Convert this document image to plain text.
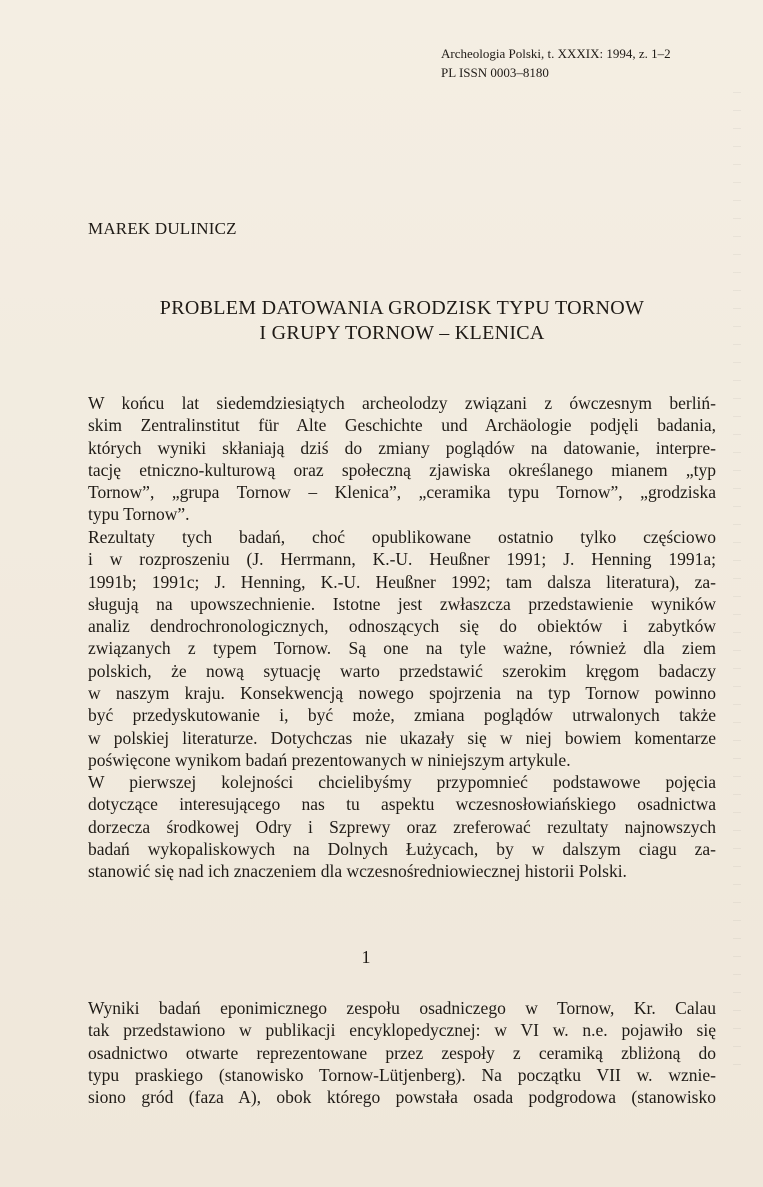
Archeologia Polski, t. XXXIX: 1994, z. 1–2
PL ISSN 0003–8180
MAREK DULINICZ
PROBLEM DATOWANIA GRODZISK TYPU TORNOW
I GRUPY TORNOW – KLENICA
W końcu lat siedemdziesiątych archeolodzy związani z ówczesnym berliń-
skim Zentralinstitut für Alte Geschichte und Archäologie podjęli badania,
których wyniki skłaniają dziś do zmiany poglądów na datowanie, interpre-
tację etniczno-kulturową oraz społeczną zjawiska określanego mianem „typ
Tornow”, „grupa Tornow – Klenica”, „ceramika typu Tornow”, „grodziska
typu Tornow”.
Rezultaty tych badań, choć opublikowane ostatnio tylko częściowo
i w rozproszeniu (J. Herrmann, K.-U. Heußner 1991; J. Henning 1991a;
1991b; 1991c; J. Henning, K.-U. Heußner 1992; tam dalsza literatura), za-
sługują na upowszechnienie. Istotne jest zwłaszcza przedstawienie wyników
analiz dendrochronologicznych, odnoszących się do obiektów i zabytków
związanych z typem Tornow. Są one na tyle ważne, również dla ziem
polskich, że nową sytuację warto przedstawić szerokim kręgom badaczy
w naszym kraju. Konsekwencją nowego spojrzenia na typ Tornow powinno
być przedyskutowanie i, być może, zmiana poglądów utrwalonych także
w polskiej literaturze. Dotychczas nie ukazały się w niej bowiem komentarze
poświęcone wynikom badań prezentowanych w niniejszym artykule.
W pierwszej kolejności chcielibyśmy przypomnieć podstawowe pojęcia
dotyczące interesującego nas tu aspektu wczesnosłowiańskiego osadnictwa
dorzecza środkowej Odry i Szprewy oraz zreferować rezultaty najnowszych
badań wykopaliskowych na Dolnych Łużycach, by w dalszym ciagu za-
stanowić się nad ich znaczeniem dla wczesnośredniowiecznej historii Polski.
1
Wyniki badań eponimicznego zespołu osadniczego w Tornow, Kr. Calau
tak przedstawiono w publikacji encyklopedycznej: w VI w. n.e. pojawiło się
osadnictwo otwarte reprezentowane przez zespoły z ceramiką zbliżoną do
typu praskiego (stanowisko Tornow-Lütjenberg). Na początku VII w. wznie-
siono gród (faza A), obok którego powstała osada podgrodowa (stanowisko
